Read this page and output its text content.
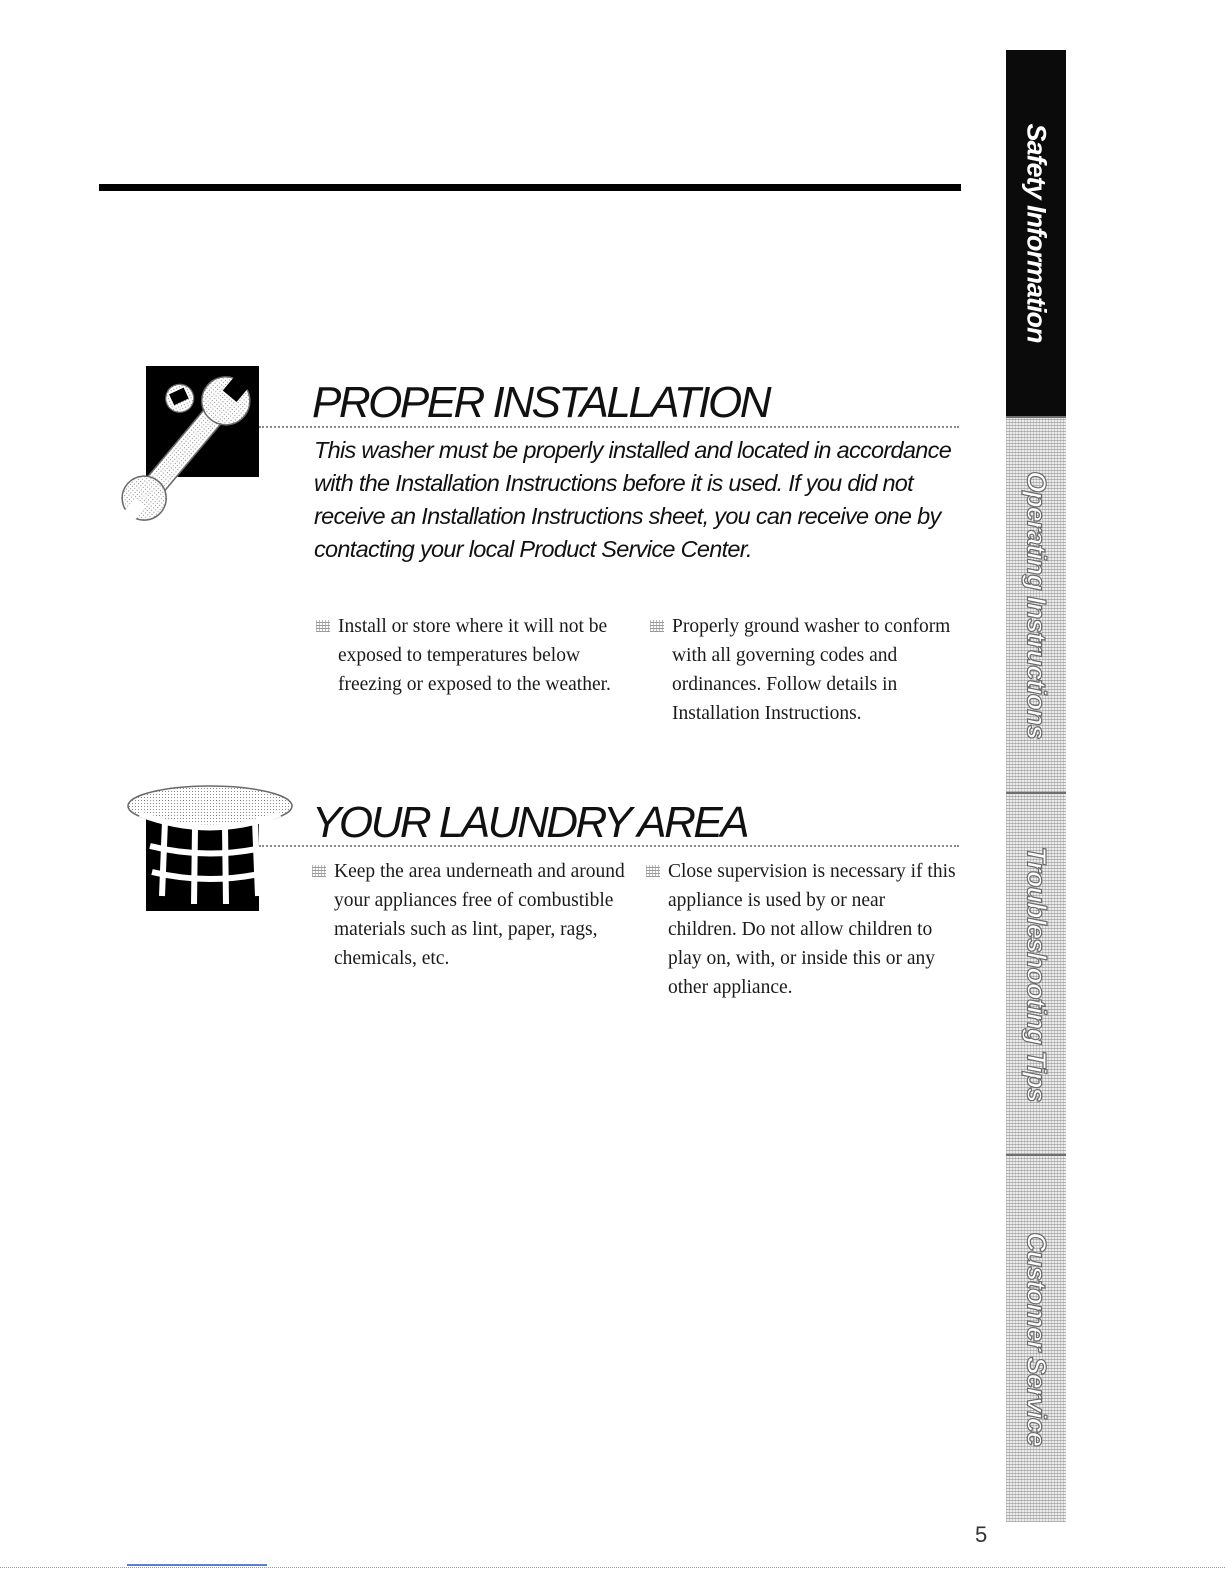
PROPER INSTALLATION

This washer must be properly installed and located in accordance with the Installation Instructions before it is used. If you did not receive an Installation Instructions sheet, you can receive one by contacting your local Product Service Center.

Install or store where it will not be exposed to temperatures below freezing or exposed to the weather.
Properly ground washer to conform with all governing codes and ordinances. Follow details in Installation Instructions.
YOUR LAUNDRY AREA
Keep the area underneath and around your appliances free of combustible materials such as lint, paper, rags, chemicals, etc.
Close supervision is necessary if this appliance is used by or near children. Do not allow children to play on, with, or inside this or any other appliance.
Safety Information
Operating Instructions
Troubleshooting Tips
Customer Service
5
